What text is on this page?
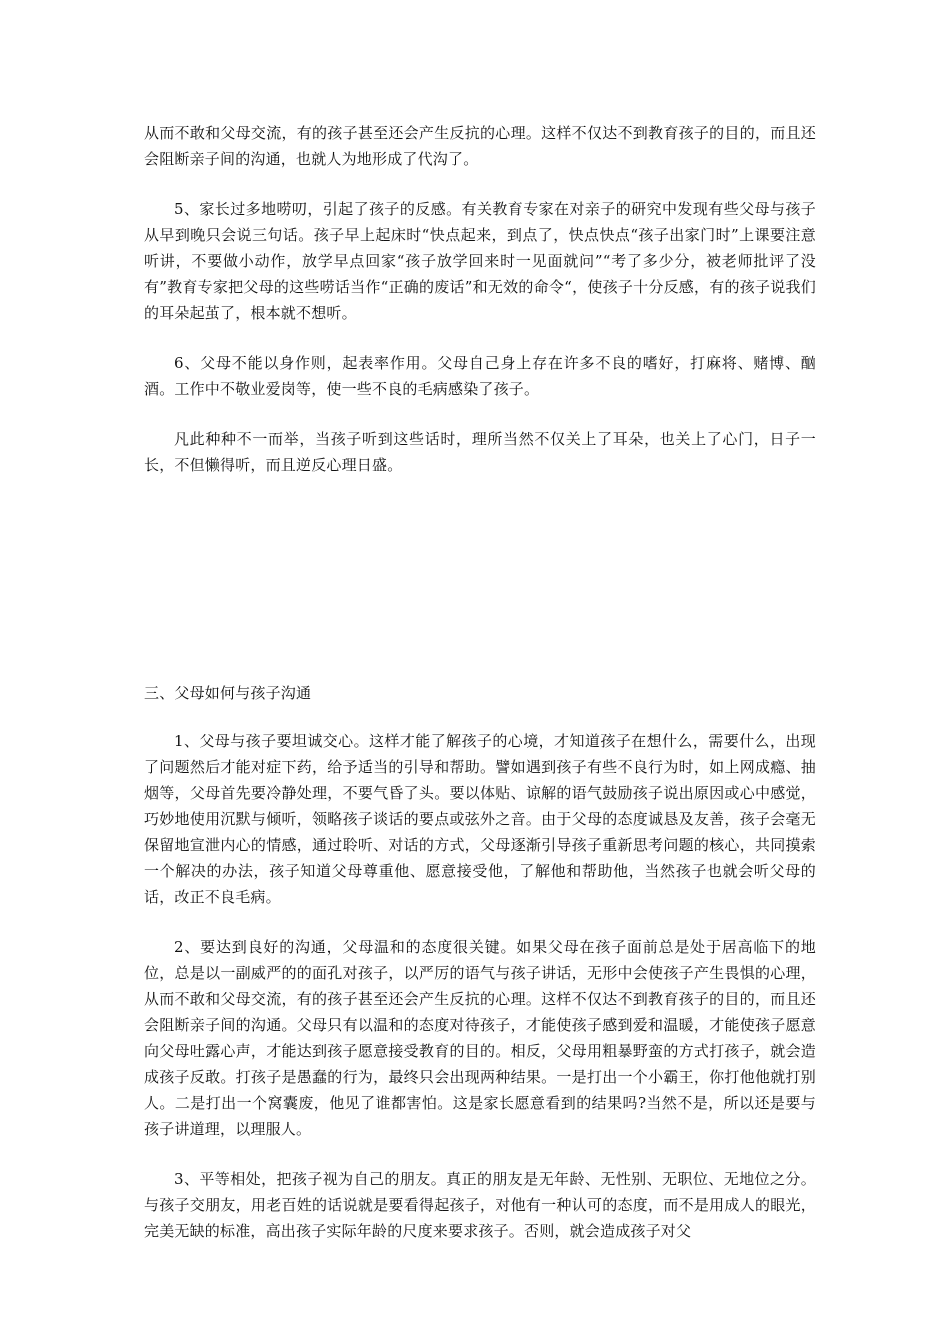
从而不敢和父母交流，有的孩子甚至还会产生反抗的心理。这样不仅达不到教育孩子的目的，而且还会阻断亲子间的沟通，也就人为地形成了代沟了。

5、家长过多地唠叨，引起了孩子的反感。有关教育专家在对亲子的研究中发现有些父母与孩子从早到晚只会说三句话。孩子早上起床时“快点起来，到点了，快点快点“孩子出家门时”上课要注意听讲，不要做小动作，放学早点回家“孩子放学回来时一见面就问”“考了多少分，被老师批评了没有”教育专家把父母的这些唠话当作“正确的废话”和无效的命令“，使孩子十分反感，有的孩子说我们的耳朵起茧了，根本就不想听。

6、父母不能以身作则，起表率作用。父母自己身上存在许多不良的嗜好，打麻将、赌博、酗酒。工作中不敬业爱岗等，使一些不良的毛病感染了孩子。

凡此种种不一而举，当孩子听到这些话时，理所当然不仅关上了耳朵，也关上了心门，日子一长，不但懒得听，而且逆反心理日盛。

三、父母如何与孩子沟通

1、父母与孩子要坦诚交心。这样才能了解孩子的心境，才知道孩子在想什么，需要什么，出现了问题然后才能对症下药，给予适当的引导和帮助。譬如遇到孩子有些不良行为时，如上网成瘾、抽烟等，父母首先要冷静处理，不要气昏了头。要以体贴、谅解的语气鼓励孩子说出原因或心中感觉，巧妙地使用沉默与倾听，领略孩子谈话的要点或弦外之音。由于父母的态度诚恳及友善，孩子会毫无保留地宣泄内心的情感，通过聆听、对话的方式，父母逐渐引导孩子重新思考问题的核心，共同摸索一个解决的办法，孩子知道父母尊重他、愿意接受他，了解他和帮助他，当然孩子也就会听父母的话，改正不良毛病。

2、要达到良好的沟通，父母温和的态度很关键。如果父母在孩子面前总是处于居高临下的地位，总是以一副威严的的面孔对孩子，以严厉的语气与孩子讲话，无形中会使孩子产生畏惧的心理，从而不敢和父母交流，有的孩子甚至还会产生反抗的心理。这样不仅达不到教育孩子的目的，而且还会阻断亲子间的沟通。父母只有以温和的态度对待孩子，才能使孩子感到爱和温暖，才能使孩子愿意向父母吐露心声，才能达到孩子愿意接受教育的目的。相反，父母用粗暴野蛮的方式打孩子，就会造成孩子反敢。打孩子是愚蠢的行为，最终只会出现两种结果。一是打出一个小霸王，你打他他就打别人。二是打出一个窝囊废，他见了谁都害怕。这是家长愿意看到的结果吗?当然不是，所以还是要与孩子讲道理，以理服人。

3、平等相处，把孩子视为自己的朋友。真正的朋友是无年龄、无性别、无职位、无地位之分。与孩子交朋友，用老百姓的话说就是要看得起孩子，对他有一种认可的态度，而不是用成人的眼光，完美无缺的标准，高出孩子实际年龄的尺度来要求孩子。否则，就会造成孩子对父
